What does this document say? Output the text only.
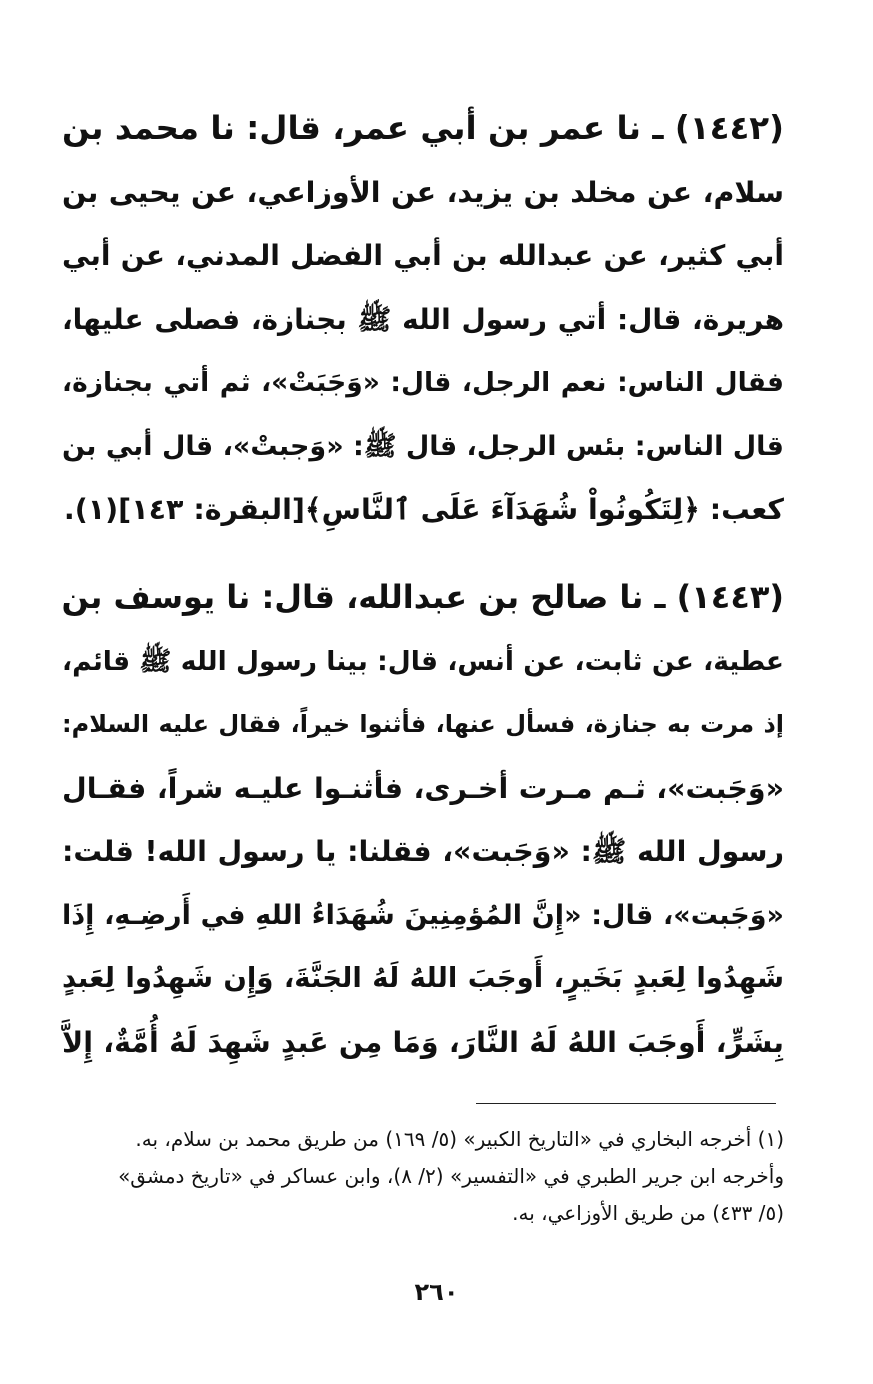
(١٤٤٢) ـ نا عمر بن أبي عمر، قال: نا محمد بن
سلام، عن مخلد بن يزيد، عن الأوزاعي، عن يحيى بن
أبي كثير، عن عبدالله بن أبي الفضل المدني، عن أبي
هريرة، قال: أتي رسول الله ﷺ بجنازة، فصلى عليها،
فقال الناس: نعم الرجل، قال: «وَجَبَتْ»، ثم أتي بجنازة،
قال الناس: بئس الرجل، قال ﷺ: «وَجبتْ»، قال أبي بن
كعب: ﴿لِتَكُونُواْ شُهَدَآءَ عَلَى ٱلنَّاسِ﴾[البقرة: ١٤٣](١).
(١٤٤٣) ـ نا صالح بن عبدالله، قال: نا يوسف بن
عطية، عن ثابت، عن أنس، قال: بينا رسول الله ﷺ قائم،
إذ مرت به جنازة، فسأل عنها، فأثنوا خيراً، فقال عليه السلام:
«وَجَبت»، ثـم مـرت أخـرى، فأثنـوا عليـه شراً، فقـال
رسول الله ﷺ: «وَجَبت»، فقلنا: يا رسول الله! قلت:
«وَجَبت»، قال: «إِنَّ المُؤمِنِينَ شُهَدَاءُ اللهِ في أَرضِـهِ، إِذَا
شَهِدُوا لِعَبدٍ بَخَيرٍ، أَوجَبَ اللهُ لَهُ الجَنَّةَ، وَإِن شَهِدُوا لِعَبدٍ
بِشَرٍّ، أَوجَبَ اللهُ لَهُ النَّارَ، وَمَا مِن عَبدٍ شَهِدَ لَهُ أُمَّةٌ، إِلاَّ
(١) أخرجه البخاري في «التاريخ الكبير» (٥/ ١٦٩) من طريق محمد بن سلام، به.
وأخرجه ابن جرير الطبري في «التفسير» (٢/ ٨)، وابن عساكر في «تاريخ دمشق»
(٥/ ٤٣٣) من طريق الأوزاعي، به.
٢٦٠
